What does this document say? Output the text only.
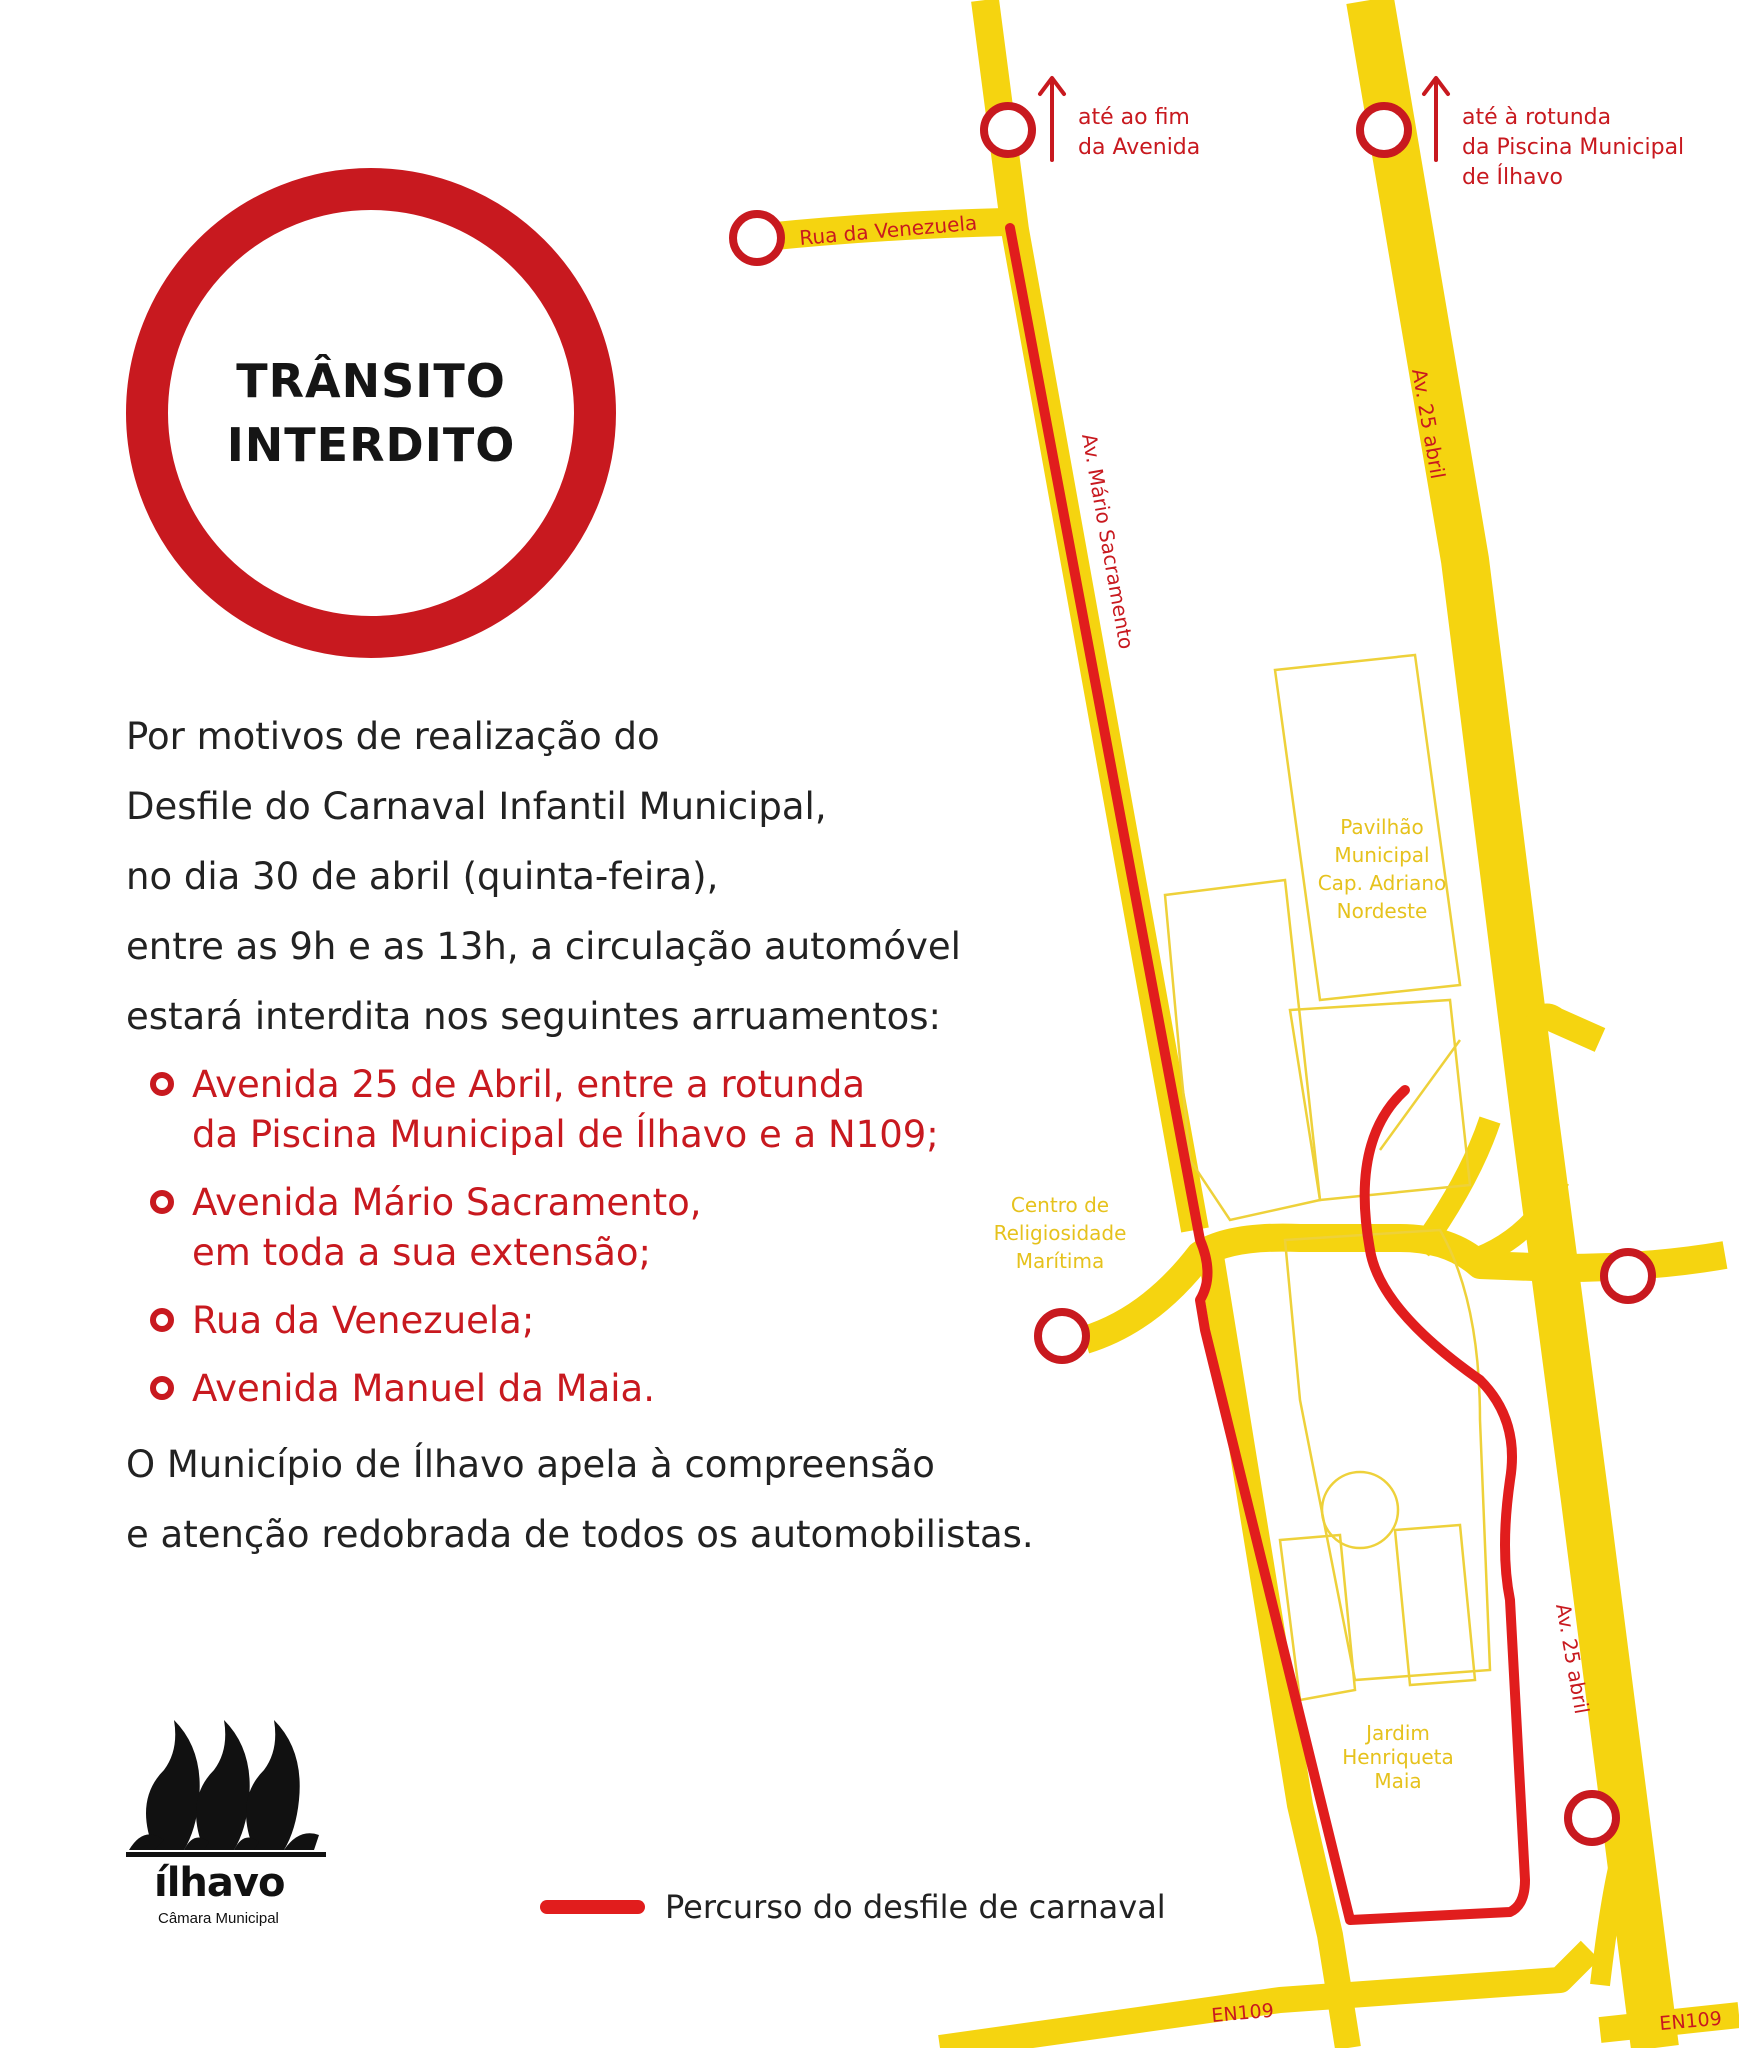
até ao fim
da Avenida
até à rotunda
da Piscina Municipal
de Ílhavo
Rua da Venezuela
Av. Mário Sacramento
Av. 25 abril
Av. 25 abril
Pavilhão
Municipal
Cap. Adriano
Nordeste
Centro de
Religiosidade
Marítima
Jardim
Henriqueta
Maia
EN109	EN109
TRÂNSITO
INTERDITO
Por motivos de realização do
Desfile do Carnaval Infantil Municipal,
no dia 30 de abril (quinta-feira),
entre as 9h e as 13h, a circulação automóvel
estará interdita nos seguintes arruamentos:
Avenida 25 de Abril, entre a rotunda
da Piscina Municipal de Ílhavo e a N109;
Avenida Mário Sacramento,
em toda a sua extensão;
Rua da Venezuela;
Avenida Manuel da Maia.
O Município de Ílhavo apela à compreensão
e atenção redobrada de todos os automobilistas.
ílhavo
Câmara Municipal	Percurso do desfile de carnaval
